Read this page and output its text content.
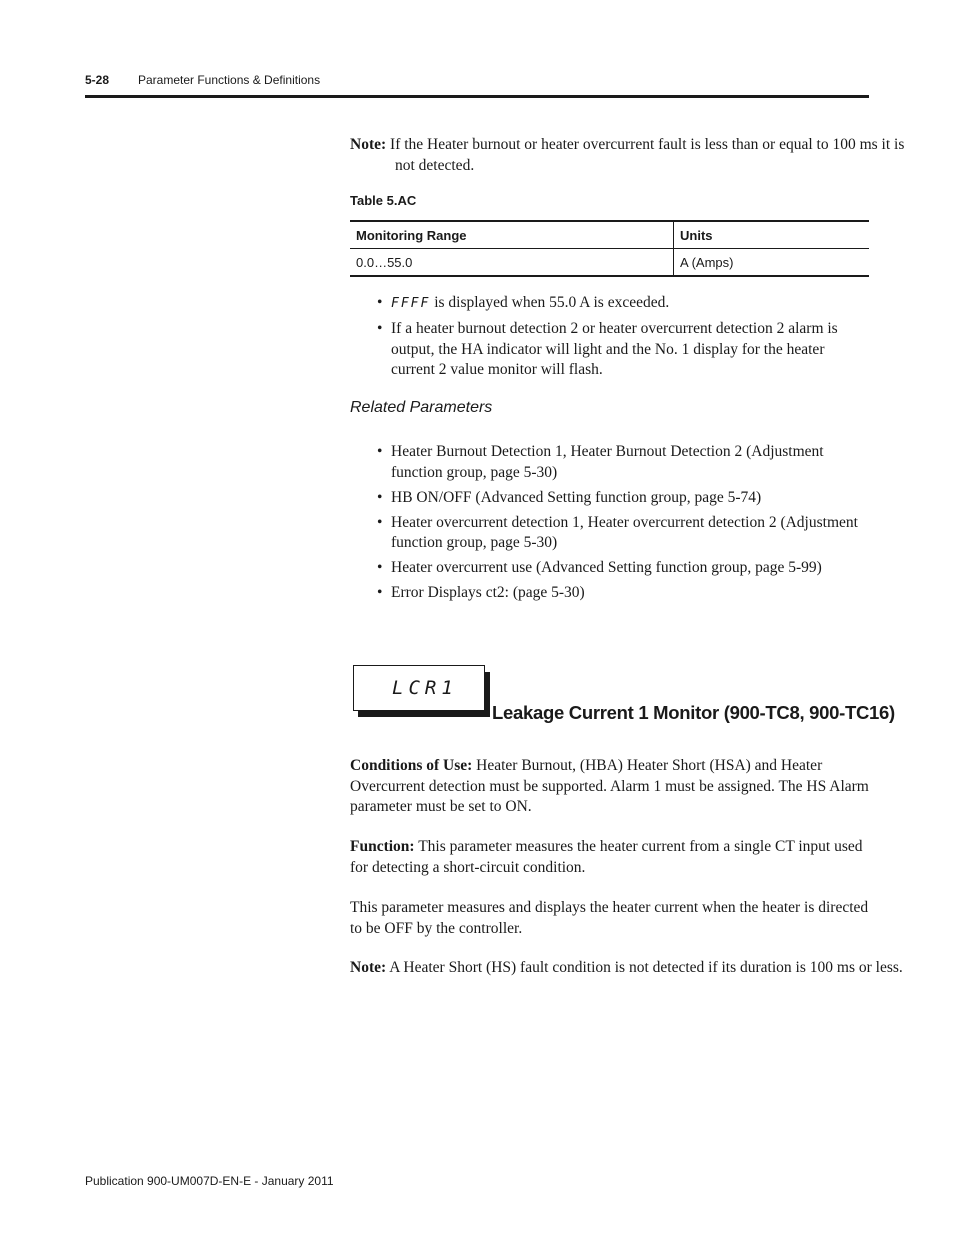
5-28 Parameter Functions & Definitions
Note: If the Heater burnout or heater overcurrent fault is less than or equal to 100 ms it is not detected.
Table 5.AC
Monitoring Range	Units
0.0…55.0	A (Amps)
• FFFF is displayed when 55.0 A is exceeded.
• If a heater burnout detection 2 or heater overcurrent detection 2 alarm is output, the HA indicator will light and the No. 1 display for the heater current 2 value monitor will flash.
Related Parameters
• Heater Burnout Detection 1, Heater Burnout Detection 2 (Adjustment function group, page 5-30)
• HB ON/OFF (Advanced Setting function group, page 5-74)
• Heater overcurrent detection 1, Heater overcurrent detection 2 (Adjustment function group, page 5-30)
• Heater overcurrent use (Advanced Setting function group, page 5-99)
• Error Displays ct2: (page 5-30)
LCR1
Leakage Current 1 Monitor (900-TC8, 900-TC16)
Conditions of Use: Heater Burnout, (HBA) Heater Short (HSA) and Heater Overcurrent detection must be supported. Alarm 1 must be assigned. The HS Alarm parameter must be set to ON.
Function: This parameter measures the heater current from a single CT input used for detecting a short-circuit condition.
This parameter measures and displays the heater current when the heater is directed to be OFF by the controller.
Note: A Heater Short (HS) fault condition is not detected if its duration is 100 ms or less.
Publication 900-UM007D-EN-E - January 2011
